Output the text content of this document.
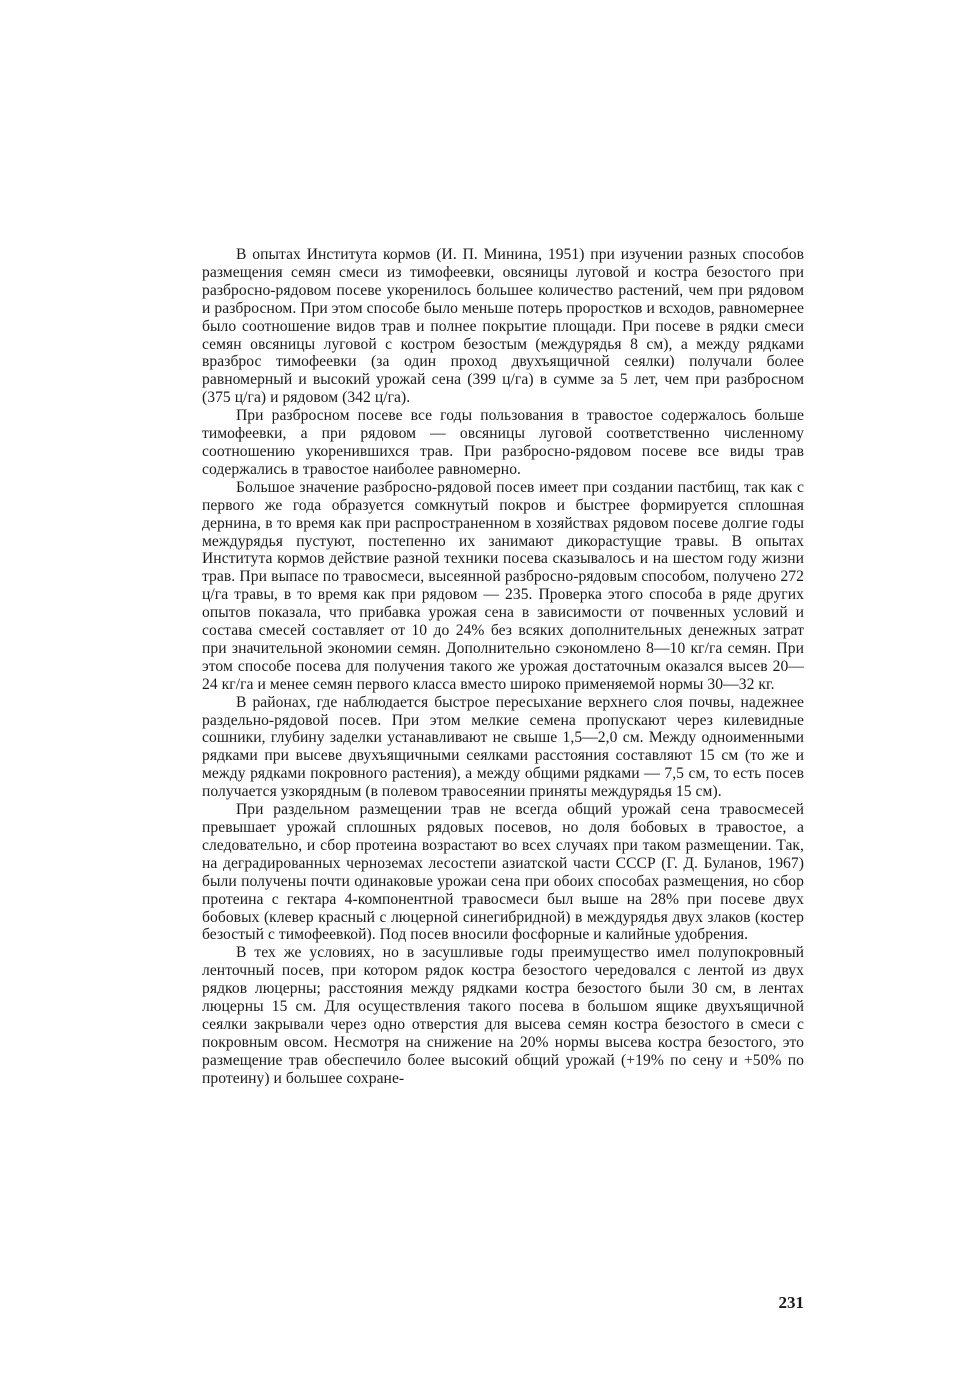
В опытах Института кормов (И. П. Минина, 1951) при изучении разных способов размещения семян смеси из тимофеевки, овсяницы луговой и костра безостого при разбросно-рядовом посеве укоренилось большее количество растений, чем при рядовом и разбросном. При этом способе было меньше потерь проростков и всходов, равномернее было соотношение видов трав и полнее покрытие площади. При посеве в рядки смеси семян овсяницы луговой с костром безостым (междурядья 8 см), а между рядками вразброс тимофеевки (за один проход двухъящичной сеялки) получали более равномерный и высокий урожай сена (399 ц/га) в сумме за 5 лет, чем при разбросном (375 ц/га) и рядовом (342 ц/га).

При разбросном посеве все годы пользования в травостое содержалось больше тимофеевки, а при рядовом — овсяницы луговой соответственно численному соотношению укоренившихся трав. При разбросно-рядовом посеве все виды трав содержались в травостое наиболее равномерно.

Большое значение разбросно-рядовой посев имеет при создании пастбищ, так как с первого же года образуется сомкнутый покров и быстрее формируется сплошная дернина, в то время как при распространенном в хозяйствах рядовом посеве долгие годы междурядья пустуют, постепенно их занимают дикорастущие травы. В опытах Института кормов действие разной техники посева сказывалось и на шестом году жизни трав. При выпасе по травосмеси, высеянной разбросно-рядовым способом, получено 272 ц/га травы, в то время как при рядовом — 235. Проверка этого способа в ряде других опытов показала, что прибавка урожая сена в зависимости от почвенных условий и состава смесей составляет от 10 до 24% без всяких дополнительных денежных затрат при значительной экономии семян. Дополнительно сэкономлено 8—10 кг/га семян. При этом способе посева для получения такого же урожая достаточным оказался высев 20—24 кг/га и менее семян первого класса вместо широко применяемой нормы 30—32 кг.

В районах, где наблюдается быстрое пересыхание верхнего слоя почвы, надежнее раздельно-рядовой посев. При этом мелкие семена пропускают через килевидные сошники, глубину заделки устанавливают не свыше 1,5—2,0 см. Между одноименными рядками при высеве двухъящичными сеялками расстояния составляют 15 см (то же и между рядками покровного растения), а между общими рядками — 7,5 см, то есть посев получается узкорядным (в полевом травосеянии приняты междурядья 15 см).

При раздельном размещении трав не всегда общий урожай сена травосмесей превышает урожай сплошных рядовых посевов, но доля бобовых в травостое, а следовательно, и сбор протеина возрастают во всех случаях при таком размещении. Так, на деградированных черноземах лесостепи азиатской части СССР (Г. Д. Буланов, 1967) были получены почти одинаковые урожаи сена при обоих способах размещения, но сбор протеина с гектара 4-компонентной травосмеси был выше на 28% при посеве двух бобовых (клевер красный с люцерной синегибридной) в междурядья двух злаков (костер безостый с тимофеевкой). Под посев вносили фосфорные и калийные удобрения.

В тех же условиях, но в засушливые годы преимущество имел полупокровный ленточный посев, при котором рядок костра безостого чередовался с лентой из двух рядков люцерны; расстояния между рядками костра безостого были 30 см, в лентах люцерны 15 см. Для осуществления такого посева в большом ящике двухъящичной сеялки закрывали через одно отверстия для высева семян костра безостого в смеси с покровным овсом. Несмотря на снижение на 20% нормы высева костра безостого, это размещение трав обеспечило более высокий общий урожай (+19% по сену и +50% по протеину) и большее сохране-

231
